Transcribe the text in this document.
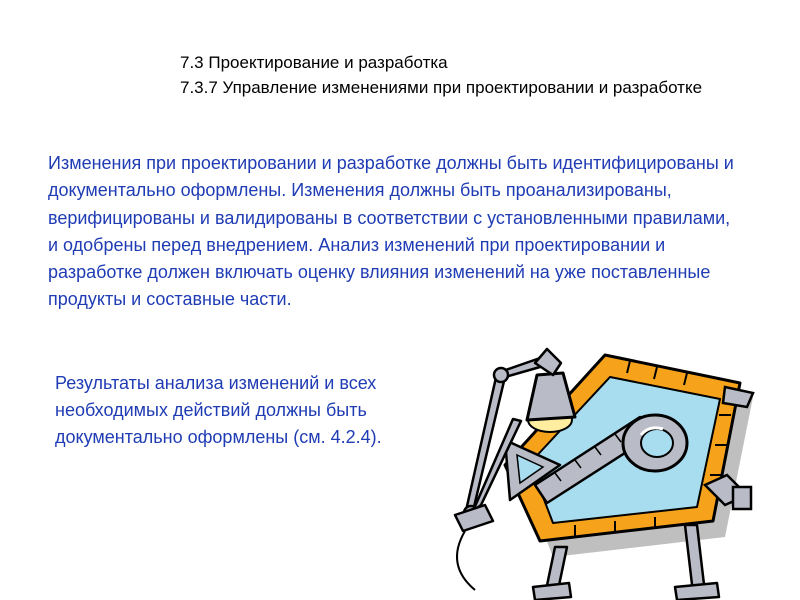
7.3 Проектирование и разработка
7.3.7 Управление изменениями при проектировании и разработке
Изменения при проектировании и разработке должны быть идентифицированы и документально оформлены. Изменения должны быть проанализированы, верифицированы и валидированы в соответствии с установленными правилами, и одобрены перед внедрением. Анализ изменений при проектировании и разработке должен включать оценку влияния изменений на уже поставленные продукты и составные части.
Результаты анализа изменений и всех необходимых действий должны быть документально оформлены (см. 4.2.4).
